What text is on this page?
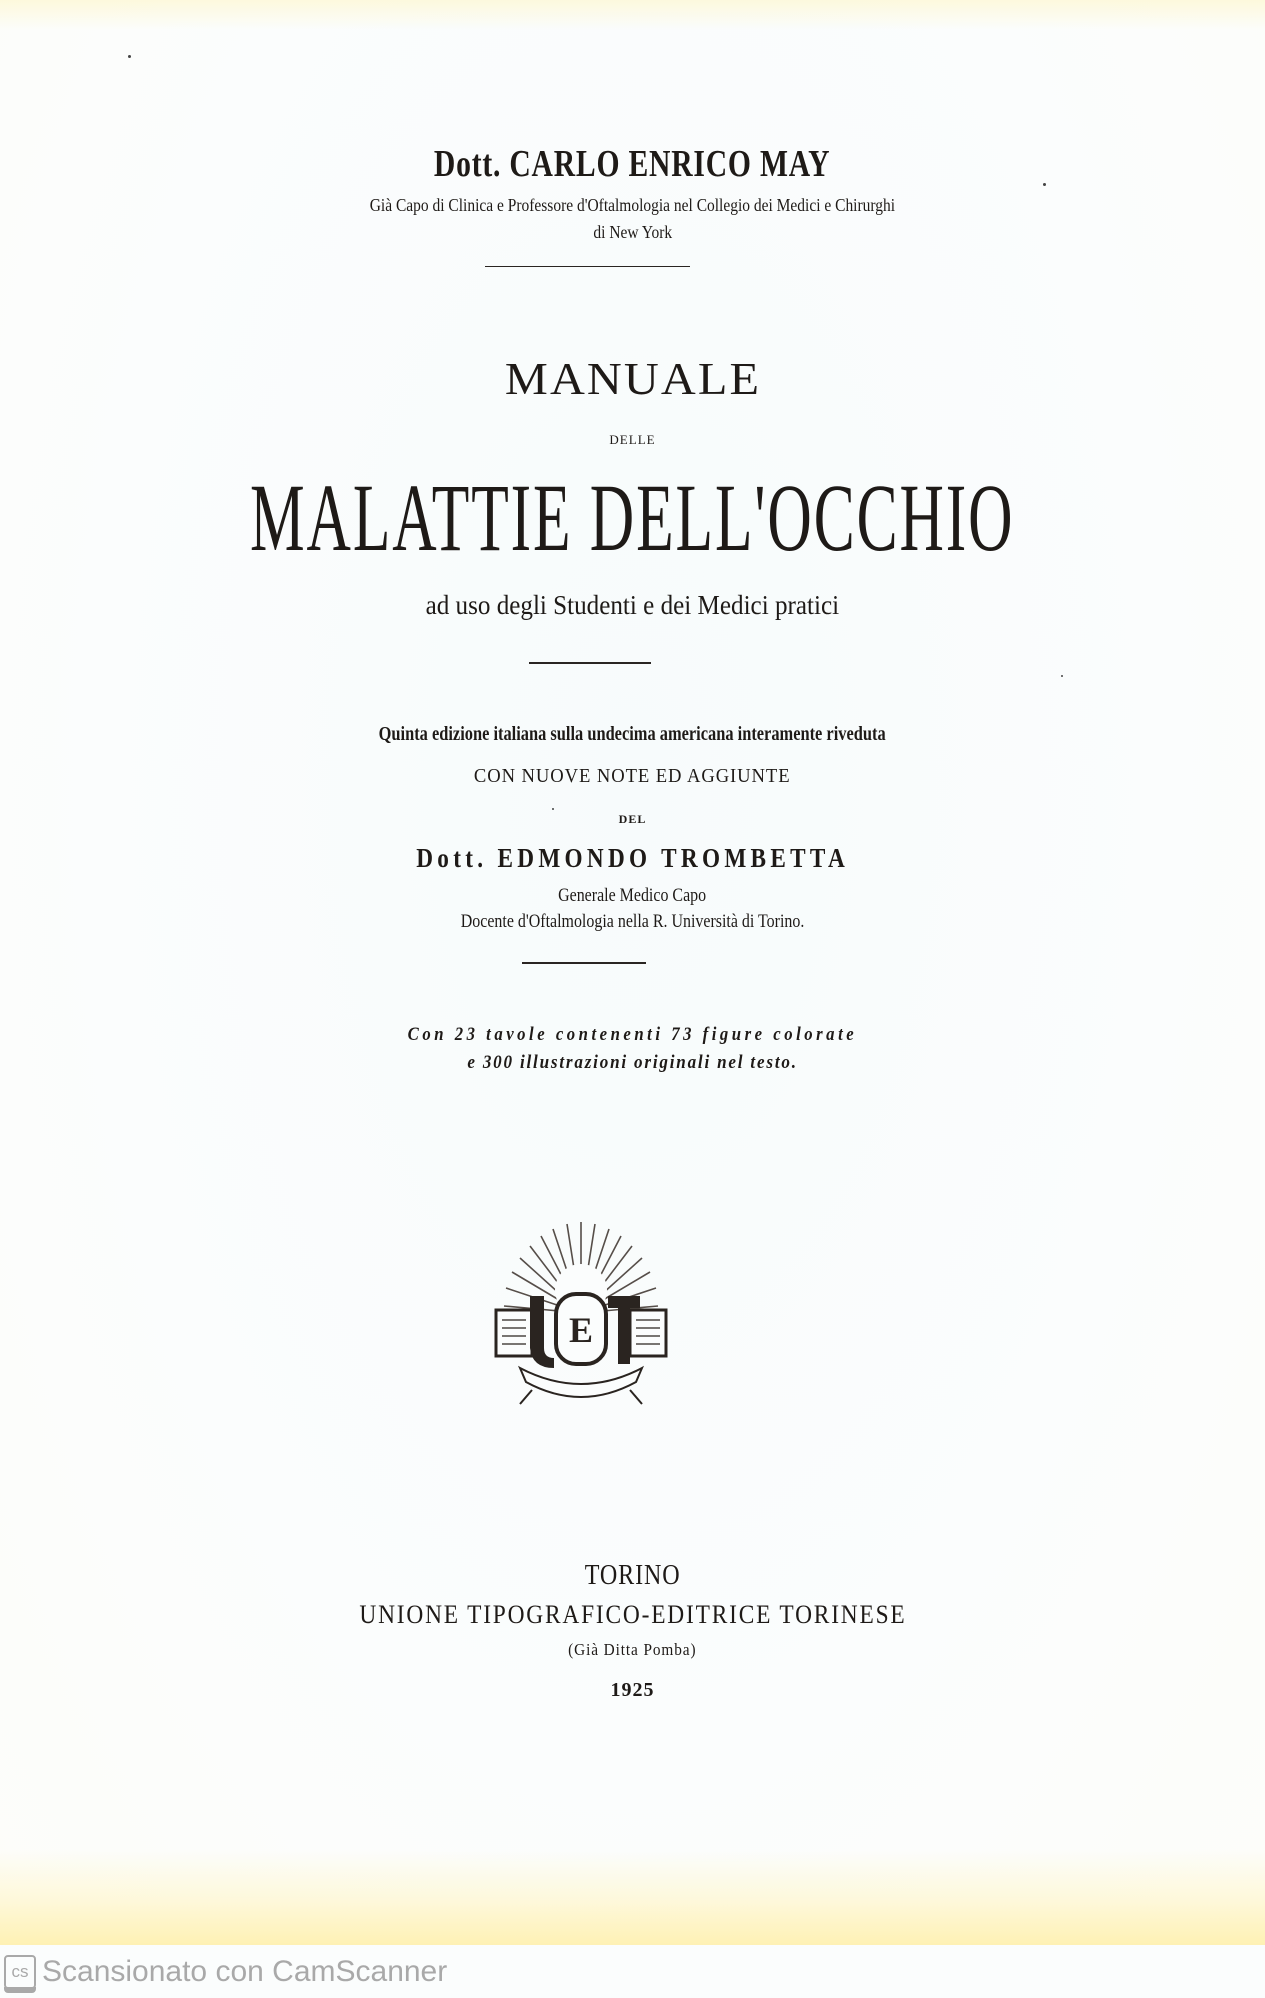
Dott. CARLO ENRICO MAY
Già Capo di Clinica e Professore d'Oftalmologia nel Collegio dei Medici e Chirurghi
di New York
MANUALE
DELLE
MALATTIE DELL'OCCHIO
ad uso degli Studenti e dei Medici pratici
Quinta edizione italiana sulla undecima americana interamente riveduta
CON NUOVE NOTE ED AGGIUNTE
DEL
Dott. EDMONDO TROMBETTA
Generale Medico Capo
Docente d'Oftalmologia nella R. Università di Torino.
Con 23 tavole contenenti 73 figure colorate
e 300 illustrazioni originali nel testo.
E
TORINO
UNIONE TIPOGRAFICO-EDITRICE TORINESE
(Già Ditta Pomba)
1925
cs Scansionato con CamScanner
